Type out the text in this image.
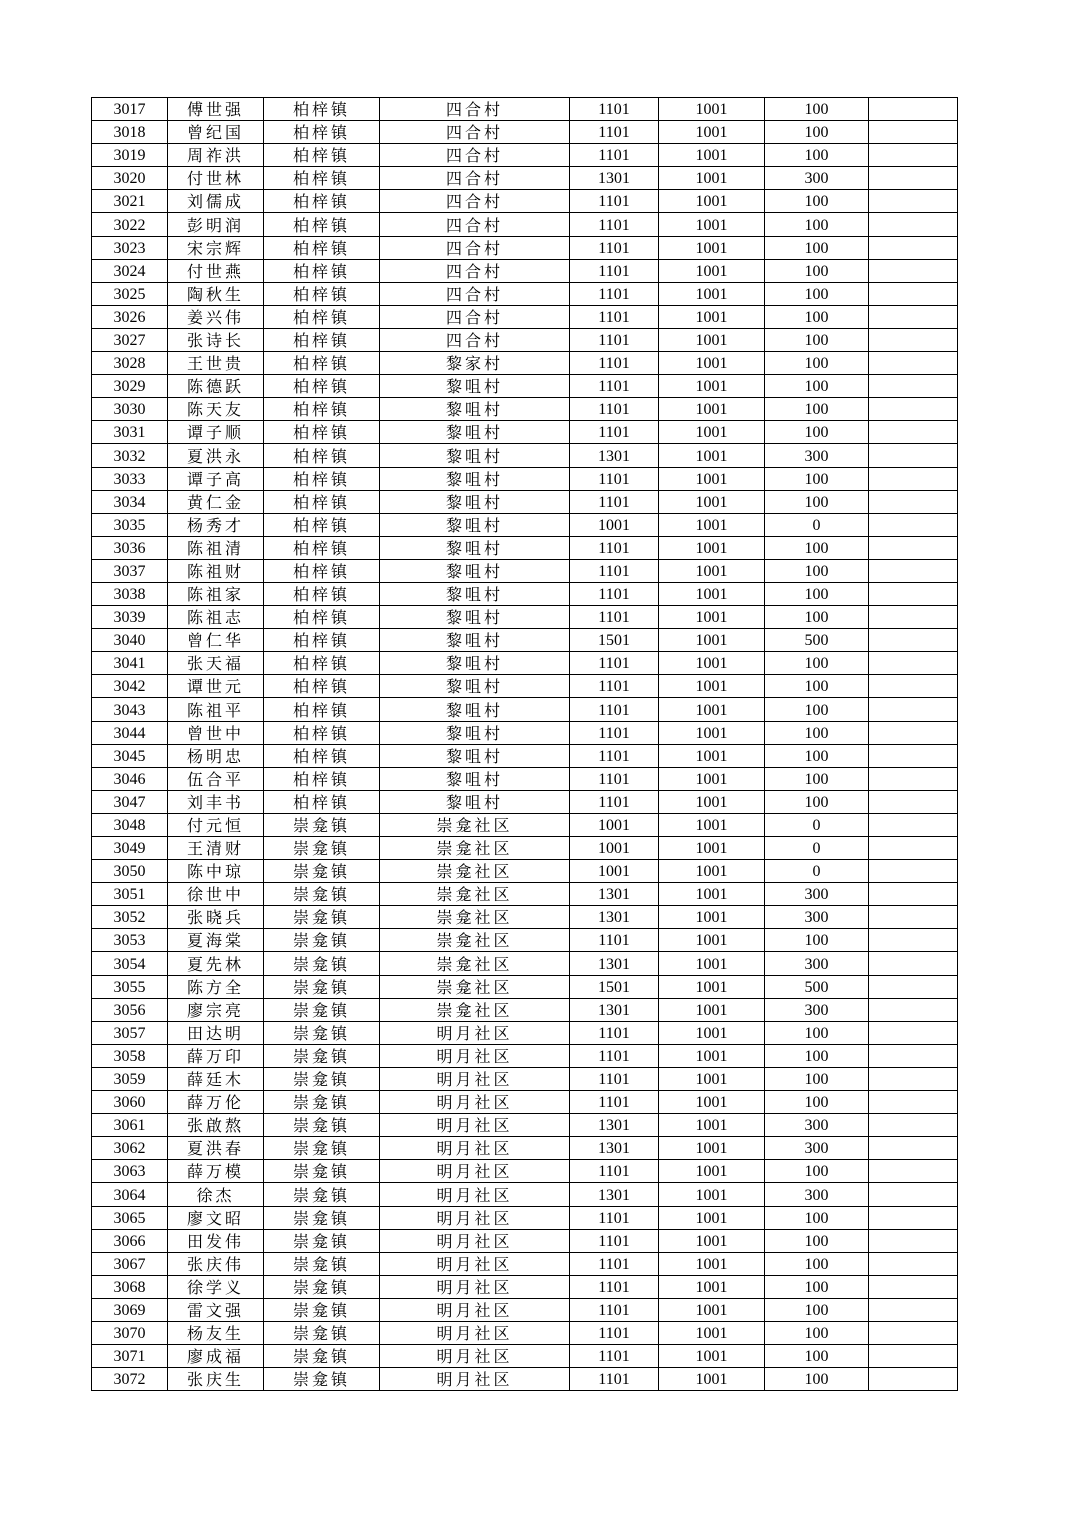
3017	傅世强	柏梓镇	四合村	1101	1001	100	
3018	曾纪国	柏梓镇	四合村	1101	1001	100	
3019	周祚洪	柏梓镇	四合村	1101	1001	100	
3020	付世林	柏梓镇	四合村	1301	1001	300	
3021	刘儒成	柏梓镇	四合村	1101	1001	100	
3022	彭明润	柏梓镇	四合村	1101	1001	100	
3023	宋宗辉	柏梓镇	四合村	1101	1001	100	
3024	付世燕	柏梓镇	四合村	1101	1001	100	
3025	陶秋生	柏梓镇	四合村	1101	1001	100	
3026	姜兴伟	柏梓镇	四合村	1101	1001	100	
3027	张诗长	柏梓镇	四合村	1101	1001	100	
3028	王世贵	柏梓镇	黎家村	1101	1001	100	
3029	陈德跃	柏梓镇	黎咀村	1101	1001	100	
3030	陈天友	柏梓镇	黎咀村	1101	1001	100	
3031	谭子顺	柏梓镇	黎咀村	1101	1001	100	
3032	夏洪永	柏梓镇	黎咀村	1301	1001	300	
3033	谭子高	柏梓镇	黎咀村	1101	1001	100	
3034	黄仁金	柏梓镇	黎咀村	1101	1001	100	
3035	杨秀才	柏梓镇	黎咀村	1001	1001	0	
3036	陈祖清	柏梓镇	黎咀村	1101	1001	100	
3037	陈祖财	柏梓镇	黎咀村	1101	1001	100	
3038	陈祖家	柏梓镇	黎咀村	1101	1001	100	
3039	陈祖志	柏梓镇	黎咀村	1101	1001	100	
3040	曾仁华	柏梓镇	黎咀村	1501	1001	500	
3041	张天福	柏梓镇	黎咀村	1101	1001	100	
3042	谭世元	柏梓镇	黎咀村	1101	1001	100	
3043	陈祖平	柏梓镇	黎咀村	1101	1001	100	
3044	曾世中	柏梓镇	黎咀村	1101	1001	100	
3045	杨明忠	柏梓镇	黎咀村	1101	1001	100	
3046	伍合平	柏梓镇	黎咀村	1101	1001	100	
3047	刘丰书	柏梓镇	黎咀村	1101	1001	100	
3048	付元恒	崇龛镇	崇龛社区	1001	1001	0	
3049	王清财	崇龛镇	崇龛社区	1001	1001	0	
3050	陈中琼	崇龛镇	崇龛社区	1001	1001	0	
3051	徐世中	崇龛镇	崇龛社区	1301	1001	300	
3052	张晓兵	崇龛镇	崇龛社区	1301	1001	300	
3053	夏海棠	崇龛镇	崇龛社区	1101	1001	100	
3054	夏先林	崇龛镇	崇龛社区	1301	1001	300	
3055	陈方全	崇龛镇	崇龛社区	1501	1001	500	
3056	廖宗亮	崇龛镇	崇龛社区	1301	1001	300	
3057	田达明	崇龛镇	明月社区	1101	1001	100	
3058	薛万印	崇龛镇	明月社区	1101	1001	100	
3059	薛廷木	崇龛镇	明月社区	1101	1001	100	
3060	薛万伦	崇龛镇	明月社区	1101	1001	100	
3061	张啟熬	崇龛镇	明月社区	1301	1001	300	
3062	夏洪春	崇龛镇	明月社区	1301	1001	300	
3063	薛万模	崇龛镇	明月社区	1101	1001	100	
3064	徐杰	崇龛镇	明月社区	1301	1001	300	
3065	廖文昭	崇龛镇	明月社区	1101	1001	100	
3066	田发伟	崇龛镇	明月社区	1101	1001	100	
3067	张庆伟	崇龛镇	明月社区	1101	1001	100	
3068	徐学义	崇龛镇	明月社区	1101	1001	100	
3069	雷文强	崇龛镇	明月社区	1101	1001	100	
3070	杨友生	崇龛镇	明月社区	1101	1001	100	
3071	廖成福	崇龛镇	明月社区	1101	1001	100	
3072	张庆生	崇龛镇	明月社区	1101	1001	100	
